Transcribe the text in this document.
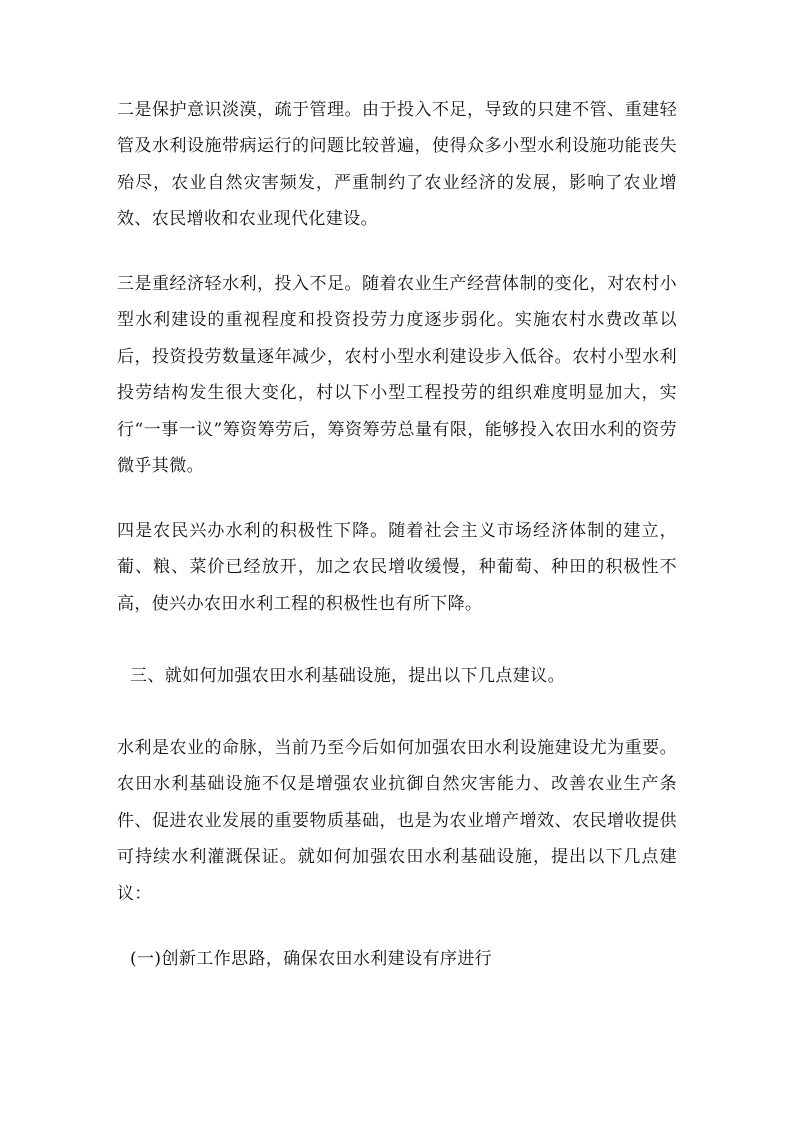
二是保护意识淡漠，疏于管理。由于投入不足，导致的只建不管、重建轻管及水利设施带病运行的问题比较普遍，使得众多小型水利设施功能丧失殆尽，农业自然灾害频发，严重制约了农业经济的发展，影响了农业增效、农民增收和农业现代化建设。

三是重经济轻水利，投入不足。随着农业生产经营体制的变化，对农村小型水利建设的重视程度和投资投劳力度逐步弱化。实施农村水费改革以后，投资投劳数量逐年减少，农村小型水利建设步入低谷。农村小型水利投劳结构发生很大变化，村以下小型工程投劳的组织难度明显加大，实行“一事一议”筹资筹劳后，筹资筹劳总量有限，能够投入农田水利的资劳微乎其微。

四是农民兴办水利的积极性下降。随着社会主义市场经济体制的建立，葡、粮、菜价已经放开，加之农民增收缓慢，种葡萄、种田的积极性不高，使兴办农田水利工程的积极性也有所下降。

三、就如何加强农田水利基础设施，提出以下几点建议。

水利是农业的命脉，当前乃至今后如何加强农田水利设施建设尤为重要。农田水利基础设施不仅是增强农业抗御自然灾害能力、改善农业生产条件、促进农业发展的重要物质基础，也是为农业增产增效、农民增收提供可持续水利灌溉保证。就如何加强农田水利基础设施，提出以下几点建议：

(一)创新工作思路，确保农田水利建设有序进行
